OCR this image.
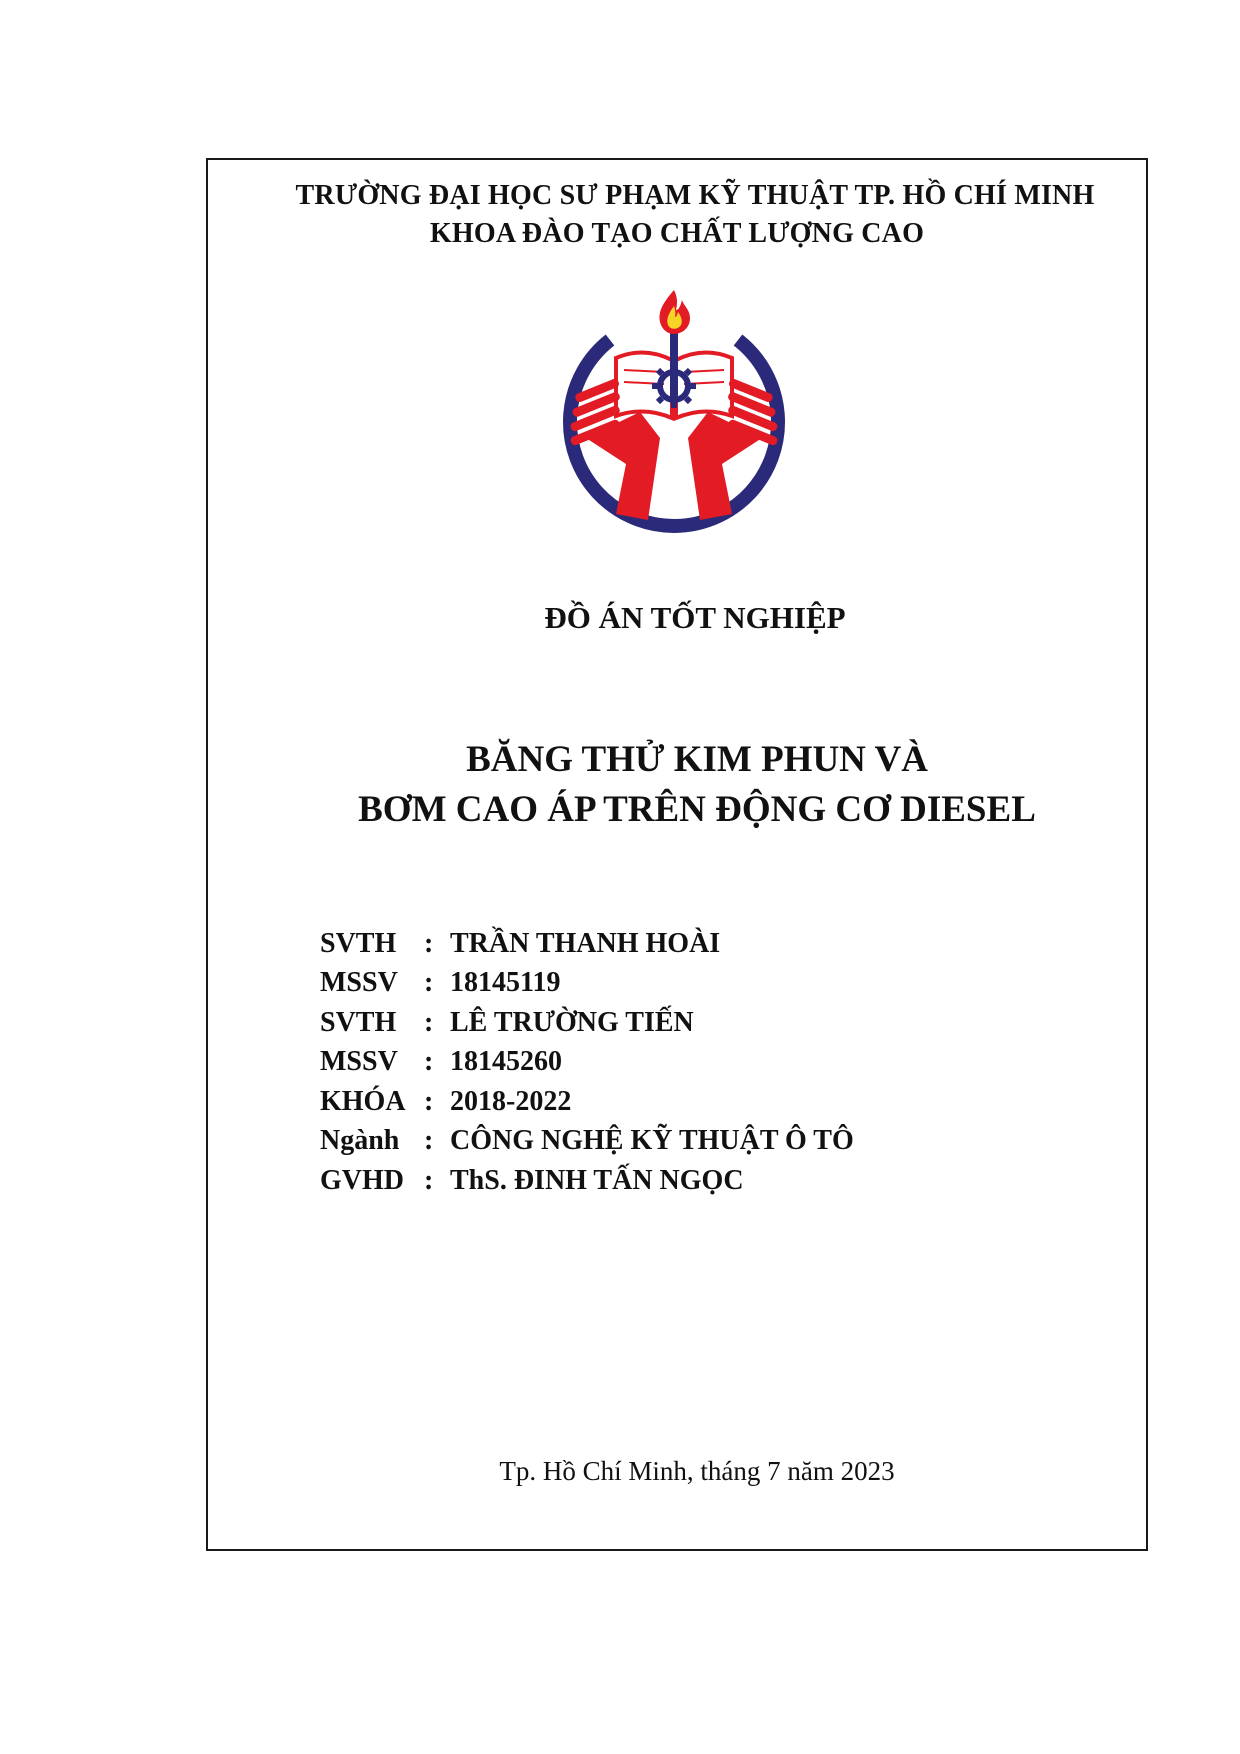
TRƯỜNG ĐẠI HỌC SƯ PHẠM KỸ THUẬT TP. HỒ CHÍ MINH
KHOA ĐÀO TẠO CHẤT LƯỢNG CAO
ĐỒ ÁN TỐT NGHIỆP
BĂNG THỬ KIM PHUN VÀ
BƠM CAO ÁP TRÊN ĐỘNG CƠ DIESEL
SVTH : TRẦN THANH HOÀI
MSSV : 18145119
SVTH : LÊ TRƯỜNG TIẾN
MSSV : 18145260
KHÓA : 2018-2022
Ngành : CÔNG NGHỆ KỸ THUẬT Ô TÔ
GVHD : ThS. ĐINH TẤN NGỌC
Tp. Hồ Chí Minh, tháng 7 năm 2023
